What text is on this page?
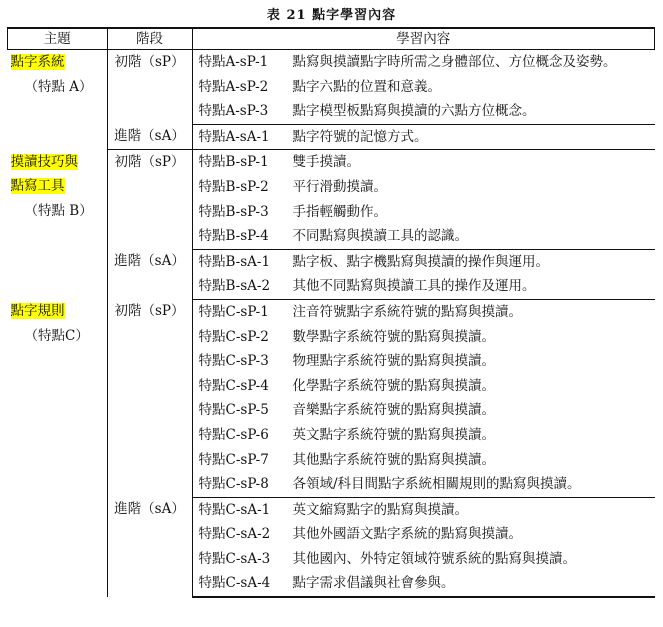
表 21 點字學習內容
主題	階段	學習內容

點字系統
（特點 A）	初階（sP）	特點A-sP-1 點寫與摸讀點字時所需之身體部位、方位概念及姿勢。
		特點A-sP-2 點字六點的位置和意義。
		特點A-sP-3 點字模型板點寫與摸讀的六點方位概念。
	進階（sA）	特點A-sA-1 點字符號的記憶方式。

摸讀技巧與
點寫工具
（特點 B）	初階（sP）	特點B-sP-1 雙手摸讀。
		特點B-sP-2 平行滑動摸讀。
		特點B-sP-3 手指輕觸動作。
		特點B-sP-4 不同點寫與摸讀工具的認識。
	進階（sA）	特點B-sA-1 點字板、點字機點寫與摸讀的操作與運用。
		特點B-sA-2 其他不同點寫與摸讀工具的操作及運用。

點字規則
（特點C）	初階（sP）	特點C-sP-1 注音符號點字系統符號的點寫與摸讀。
		特點C-sP-2 數學點字系統符號的點寫與摸讀。
		特點C-sP-3 物理點字系統符號的點寫與摸讀。
		特點C-sP-4 化學點字系統符號的點寫與摸讀。
		特點C-sP-5 音樂點字系統符號的點寫與摸讀。
		特點C-sP-6 英文點字系統符號的點寫與摸讀。
		特點C-sP-7 其他點字系統符號的點寫與摸讀。
		特點C-sP-8 各領域/科目間點字系統相關規則的點寫與摸讀。
	進階（sA）	特點C-sA-1 英文縮寫點字的點寫與摸讀。
		特點C-sA-2 其他外國語文點字系統的點寫與摸讀。
		特點C-sA-3 其他國內、外特定領域符號系統的點寫與摸讀。
		特點C-sA-4 點字需求倡議與社會參與。
